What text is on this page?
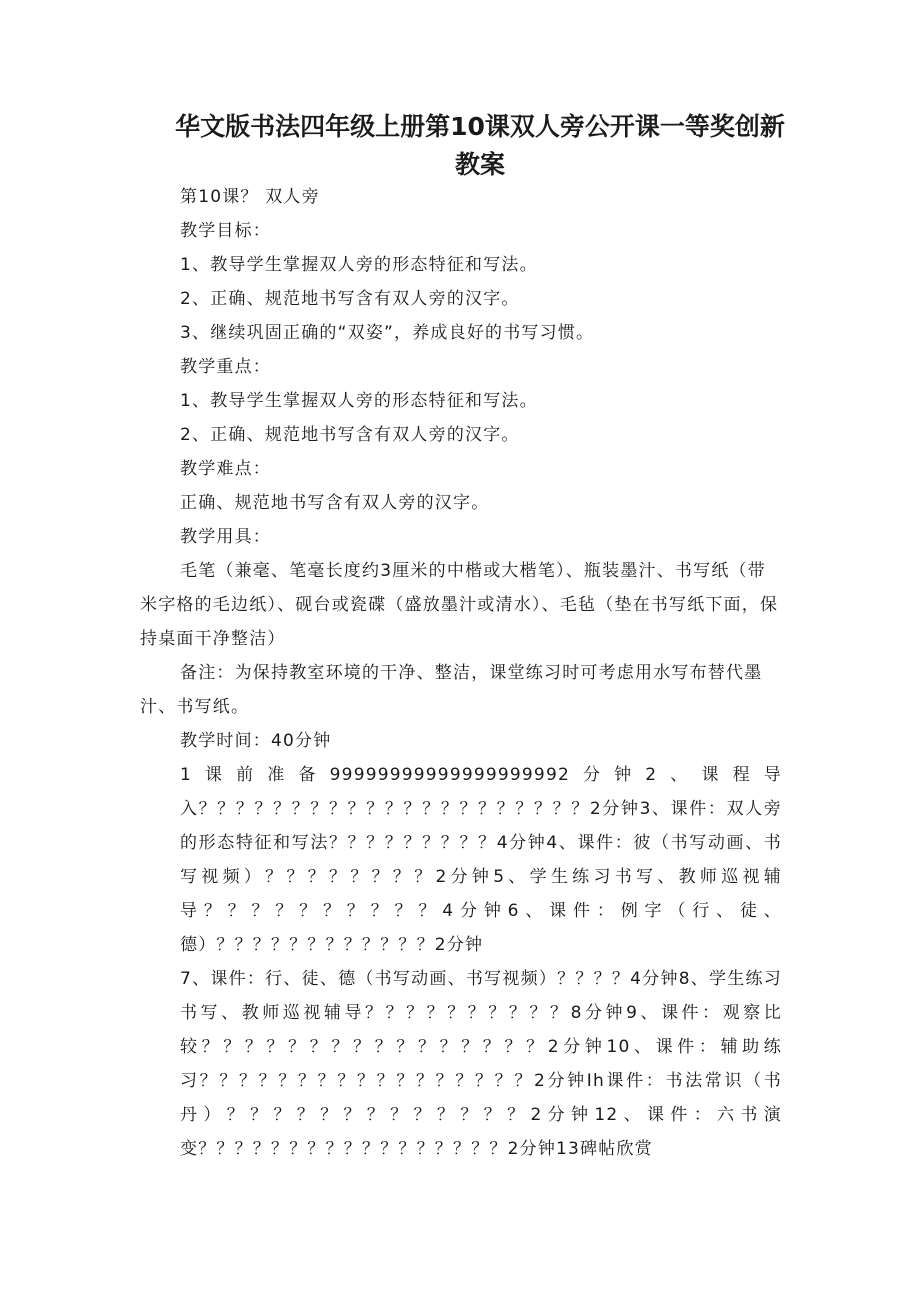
华文版书法四年级上册第10课双人旁公开课一等奖创新
教案
第10课？ 双人旁
教学目标：
1、教导学生掌握双人旁的形态特征和写法。
2、正确、规范地书写含有双人旁的汉字。
3、继续巩固正确的“双姿”，养成良好的书写习惯。
教学重点：
1、教导学生掌握双人旁的形态特征和写法。
2、正确、规范地书写含有双人旁的汉字。
教学难点：
正确、规范地书写含有双人旁的汉字。
教学用具：
毛笔（兼毫、笔毫长度约3厘米的中楷或大楷笔）、瓶装墨汁、书写纸（带米字格的毛边纸）、砚台或瓷碟（盛放墨汁或清水）、毛毡（垫在书写纸下面，保持桌面干净整洁）
备注：为保持教室环境的干净、整洁，课堂练习时可考虑用水写布替代墨汁、书写纸。
教学时间：40分钟
1课前准备99999999999999999992分钟2、课程导入？？？？？？？？？？？？？？？？？？？？？2分钟3、课件：双人旁的形态特征和写法？？？？？？？？？4分钟4、课件：彼（书写动画、书写视频）？？？？？？？？2分钟5、学生练习书写、教师巡视辅导？？？？？？？？？？4分钟6、课件：例字（行、徒、德）？？？？？？？？？？？？2分钟
7、课件：行、徒、德（书写动画、书写视频）？？？？4分钟8、学生练习书写、教师巡视辅导？？？？？？？？？？8分钟9、课件：观察比较？？？？？？？？？？？？？？？？2分钟10、课件：辅助练习？？？？？？？？？？？？？？？？？2分钟Ih课件：书法常识（书丹）？？？？？？？？？？？？？2分钟12、课件：六书演变？？？？？？？？？？？？？？？？？2分钟13碑帖欣赏
